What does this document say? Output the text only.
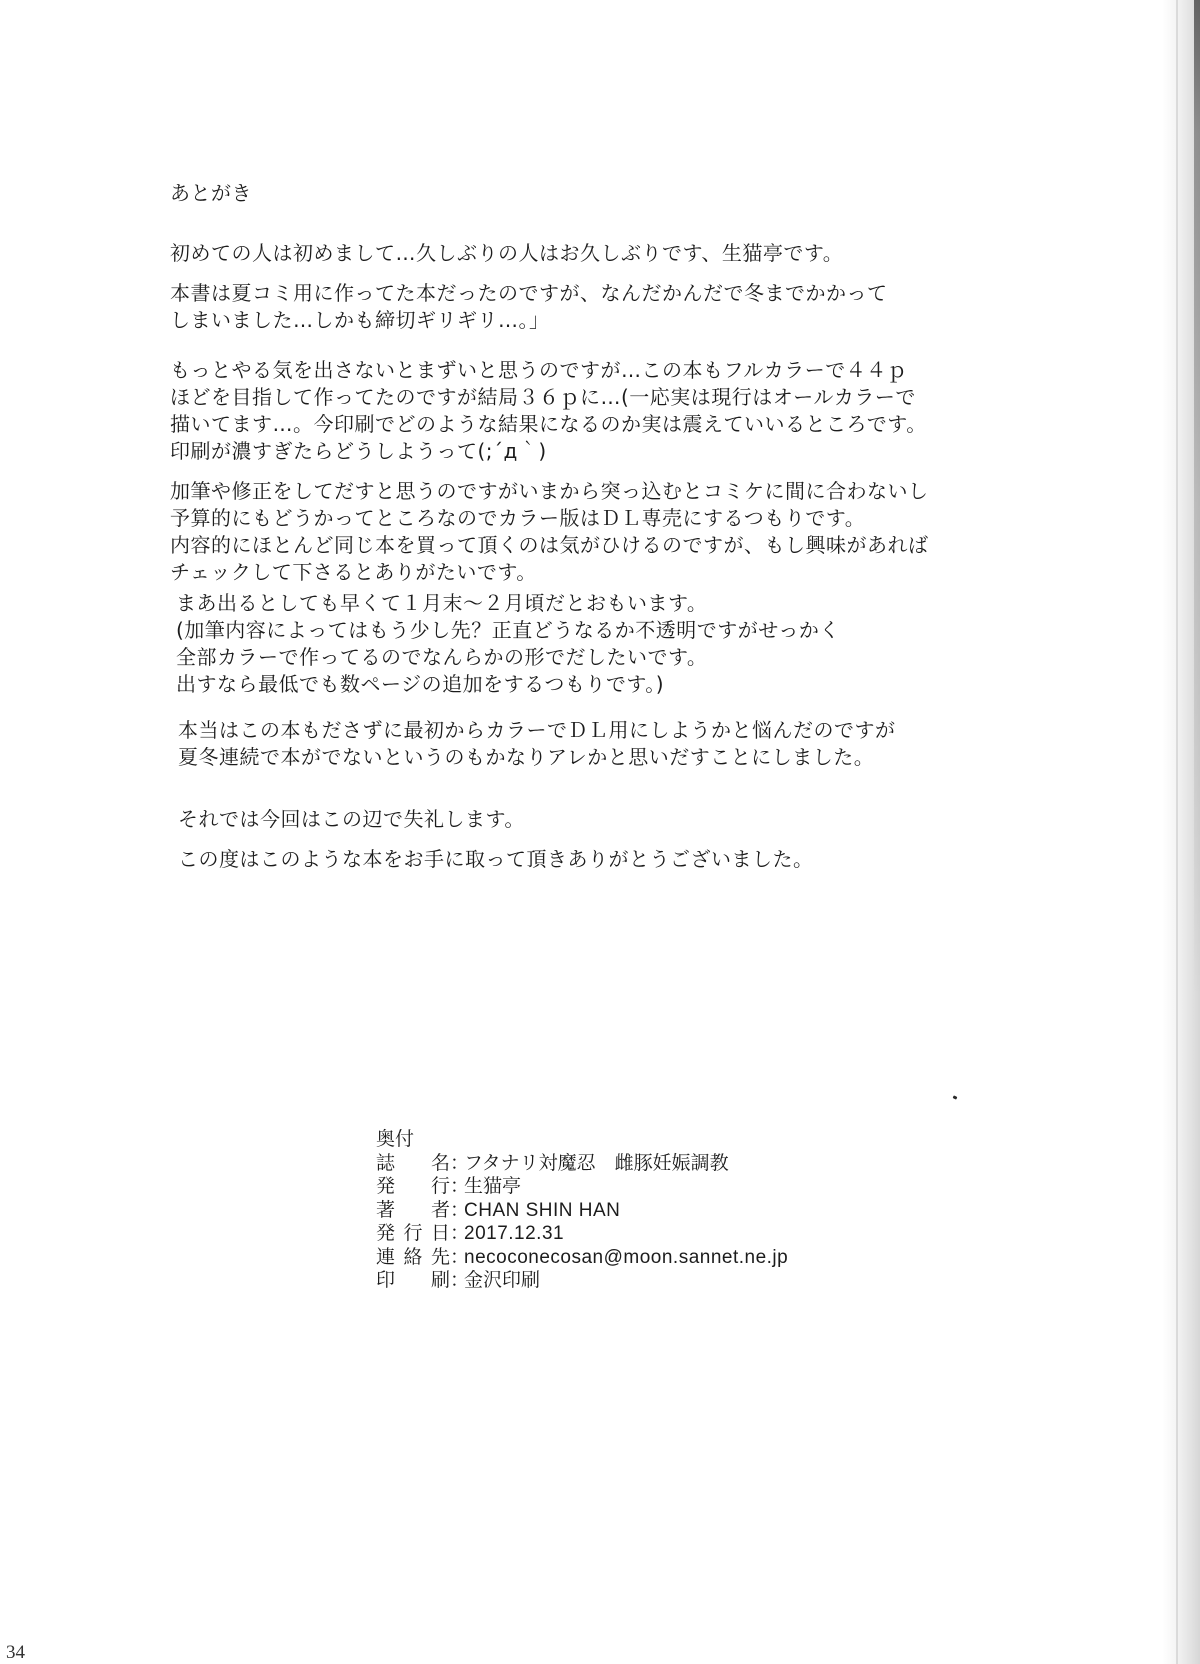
あとがき

初めての人は初めまして…久しぶりの人はお久しぶりです、生猫亭です。

本書は夏コミ用に作ってた本だったのですが、なんだかんだで冬までかかって

しまいました…しかも締切ギリギリ…。」

もっとやる気を出さないとまずいと思うのですが…この本もフルカラーで４４ｐ

ほどを目指して作ってたのですが結局３６ｐに…(一応実は現行はオールカラーで

描いてます…。今印刷でどのような結果になるのか実は震えていいるところです。

印刷が濃すぎたらどうしようって(;´д｀)

加筆や修正をしてだすと思うのですがいまから突っ込むとコミケに間に合わないし

予算的にもどうかってところなのでカラー版はＤＬ専売にするつもりです。

内容的にほとんど同じ本を買って頂くのは気がひけるのですが、もし興味があれば

チェックして下さるとありがたいです。

まあ出るとしても早くて１月末～２月頃だとおもいます。

(加筆内容によってはもう少し先？正直どうなるか不透明ですがせっかく

全部カラーで作ってるのでなんらかの形でだしたいです。

出すなら最低でも数ページの追加をするつもりです。)

本当はこの本もださずに最初からカラーでＤＬ用にしようかと悩んだのですが

夏冬連続で本がでないというのもかなりアレかと思いだすことにしました。

それでは今回はこの辺で失礼します。

この度はこのような本をお手に取って頂きありがとうございました。

奥付
誌　名 ：
フタナリ対魔忍　雌豚妊娠調教
発　行 ：
生猫亭
著　者 ：
CHAN SHIN HAN
発行日 ：
2017.12.31
連絡先 ：
necoconecosan@moon.sannet.ne.jp
印　刷 ：
金沢印刷
34
